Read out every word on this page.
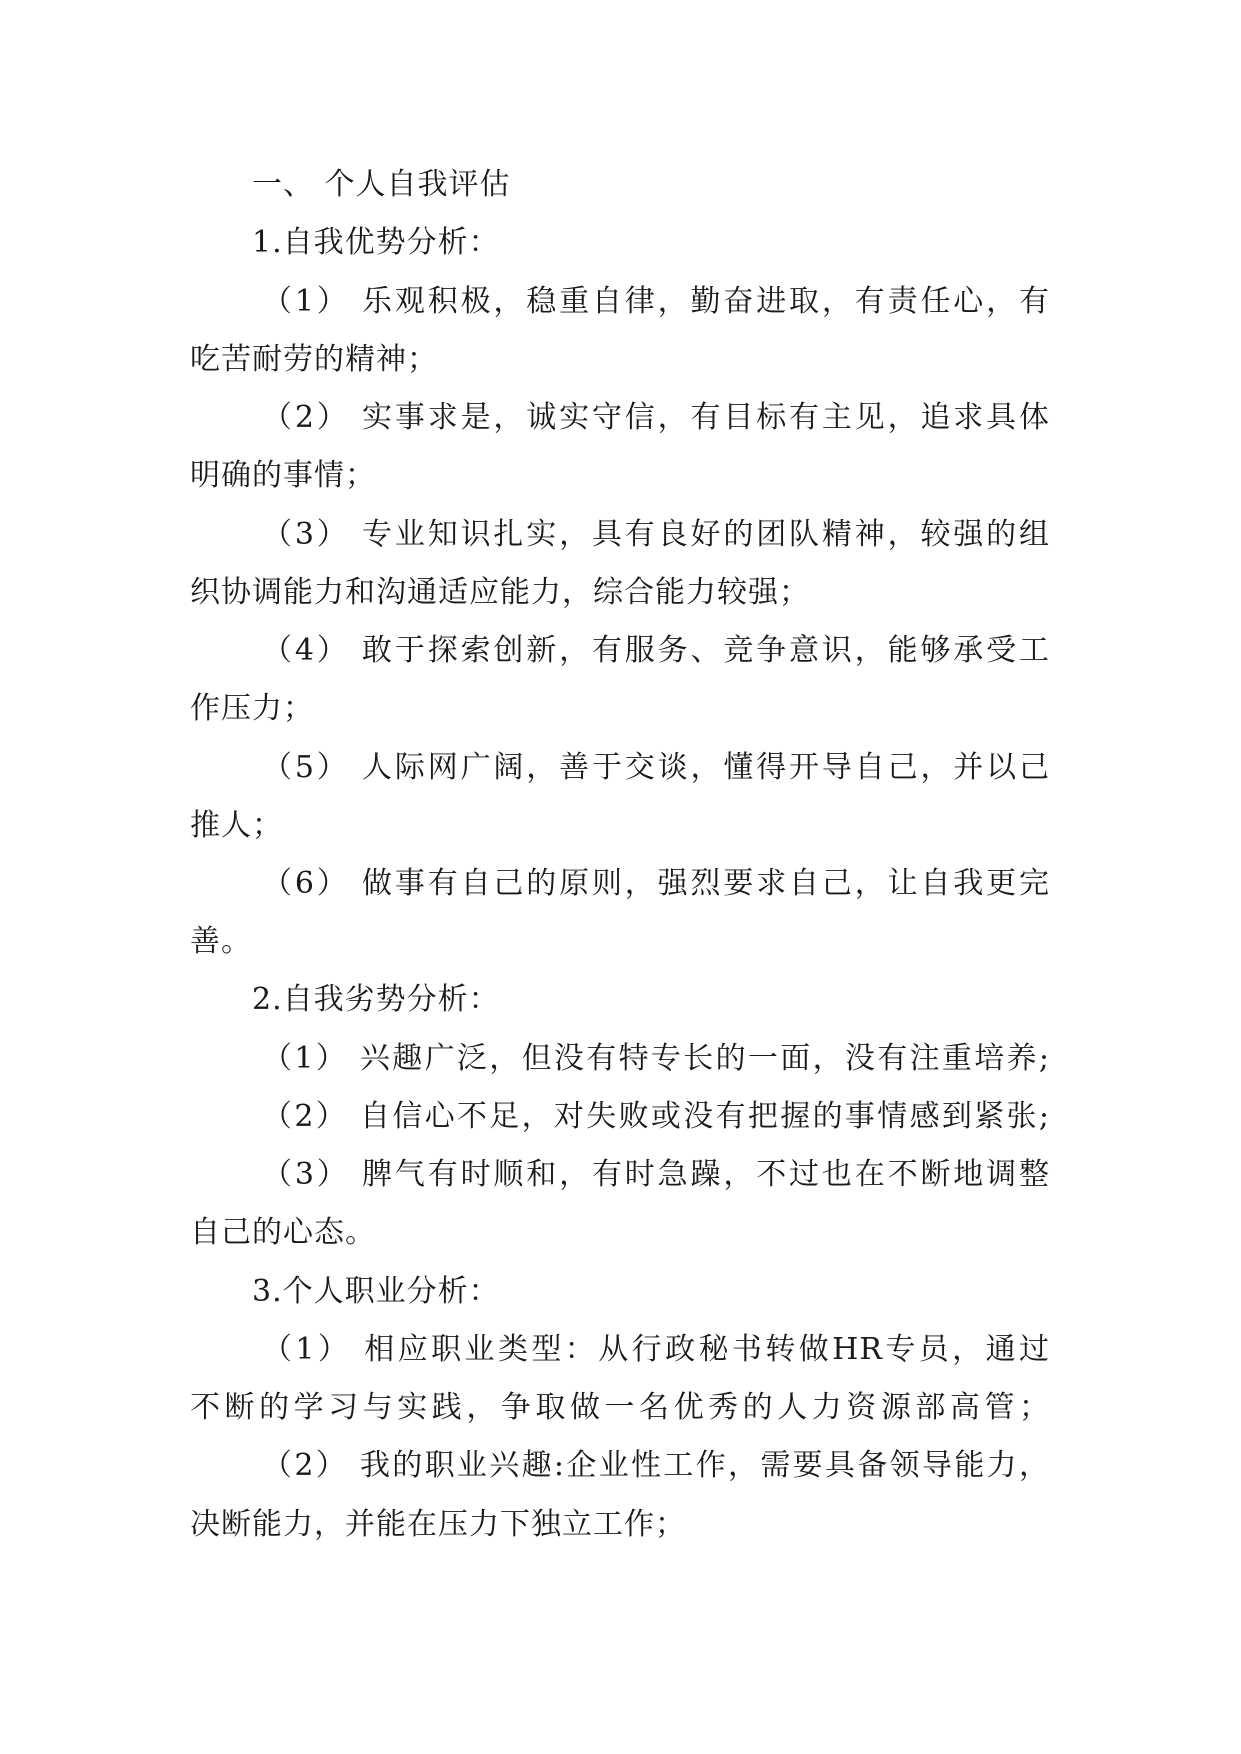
一、 个人自我评估
1.自我优势分析：
（1） 乐观积极，稳重自律，勤奋进取，有责任心，有
吃苦耐劳的精神；
（2） 实事求是，诚实守信，有目标有主见，追求具体
明确的事情；
（3） 专业知识扎实，具有良好的团队精神，较强的组
织协调能力和沟通适应能力，综合能力较强；
（4） 敢于探索创新，有服务、竞争意识，能够承受工
作压力；
（5） 人际网广阔，善于交谈，懂得开导自己，并以己
推人；
（6） 做事有自己的原则，强烈要求自己，让自我更完
善。
2.自我劣势分析：
（1） 兴趣广泛，但没有特专长的一面，没有注重培养;
（2） 自信心不足，对失败或没有把握的事情感到紧张;
（3） 脾气有时顺和，有时急躁，不过也在不断地调整
自己的心态。
3.个人职业分析：
（1） 相应职业类型：从行政秘书转做HR专员，通过
不断的学习与实践，争取做一名优秀的人力资源部高管；
（2） 我的职业兴趣:企业性工作，需要具备领导能力，
决断能力，并能在压力下独立工作；
